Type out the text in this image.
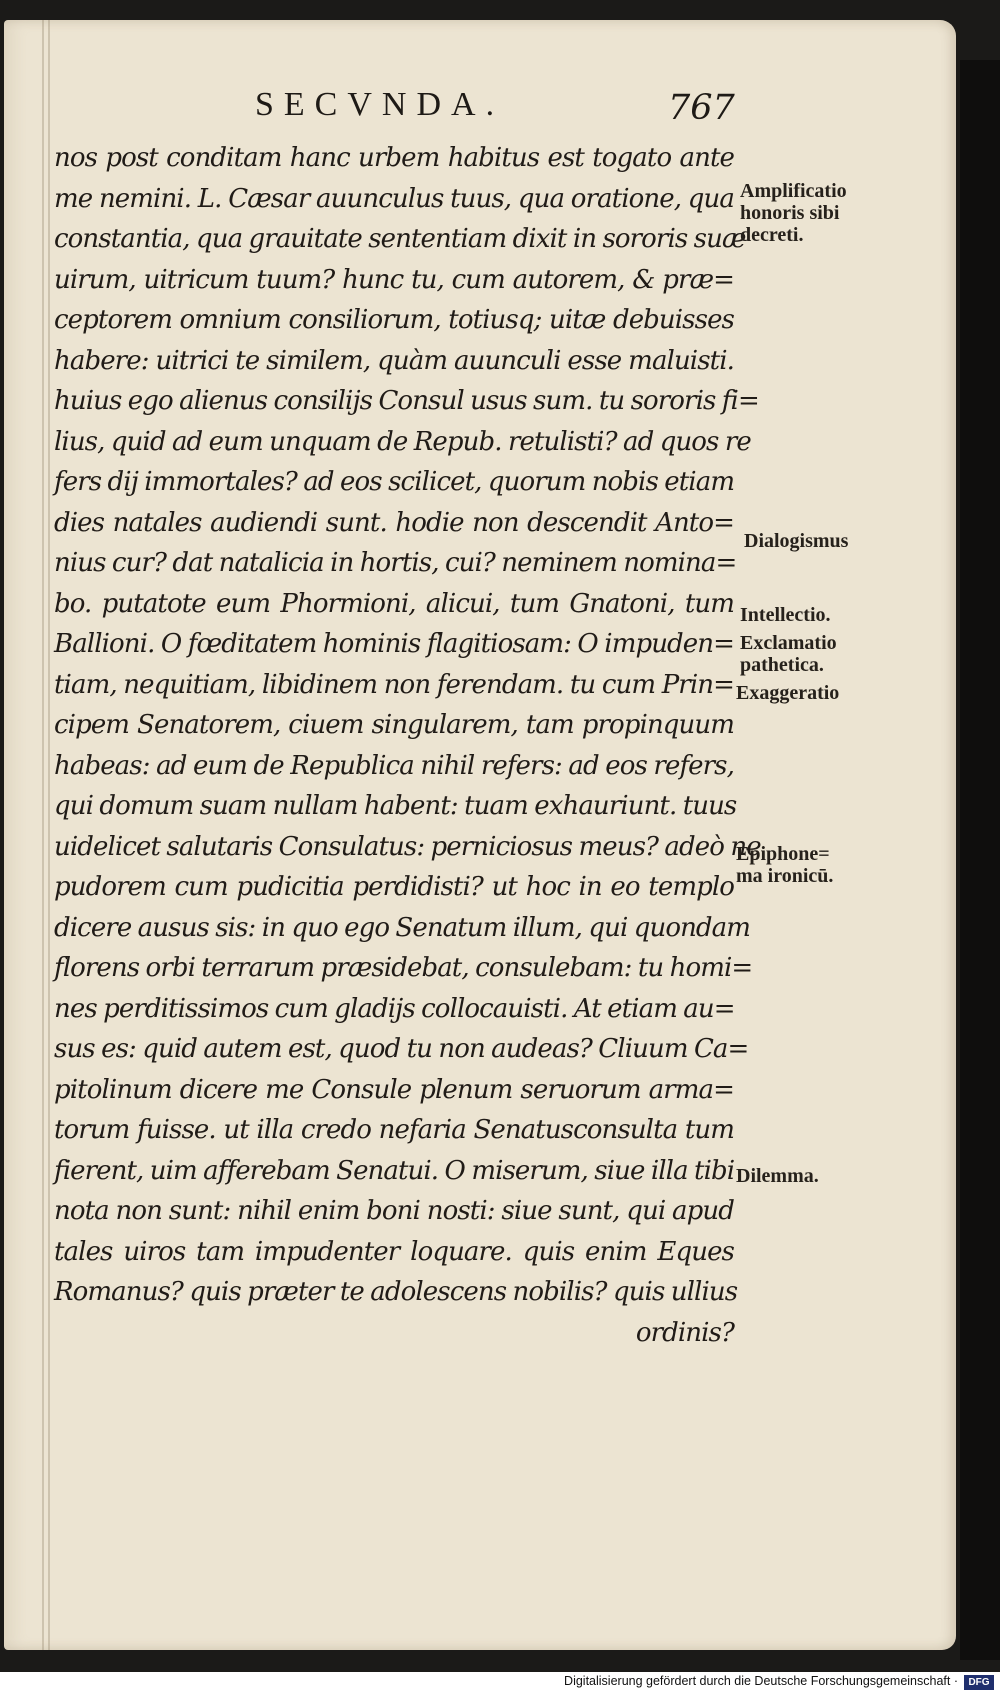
SECVNDA.	767
nos post conditam hanc urbem habitus est togato ante
me nemini. L. Cæsar auunculus tuus, qua oratione, qua
constantia, qua grauitate sententiam dixit in sororis suæ
uirum, uitricum tuum? hunc tu, cum autorem, & præ=
ceptorem omnium consiliorum, totiusq; uitæ debuisses
habere: uitrici te similem, quàm auunculi esse maluisti.
huius ego alienus consilijs Consul usus sum. tu sororis fi=
lius, quid ad eum unquam de Repub. retulisti? ad quos re
fers dij immortales? ad eos scilicet, quorum nobis etiam
dies natales audiendi sunt. hodie non descendit Anto=
nius cur? dat natalicia in hortis, cui? neminem nomina=
bo. putatote eum Phormioni, alicui, tum Gnatoni, tum
Ballioni. O fœditatem hominis flagitiosam: O impuden=
tiam, nequitiam, libidinem non ferendam. tu cum Prin=
cipem Senatorem, ciuem singularem, tam propinquum
habeas: ad eum de Republica nihil refers: ad eos refers,
qui domum suam nullam habent: tuam exhauriunt. tuus
uidelicet salutaris Consulatus: perniciosus meus? adeò ne
pudorem cum pudicitia perdidisti? ut hoc in eo templo
dicere ausus sis: in quo ego Senatum illum, qui quondam
florens orbi terrarum præsidebat, consulebam: tu homi=
nes perditissimos cum gladijs collocauisti. At etiam au=
sus es: quid autem est, quod tu non audeas? Cliuum Ca=
pitolinum dicere me Consule plenum seruorum arma=
torum fuisse. ut illa credo nefaria Senatusconsulta tum
fierent, uim afferebam Senatui. O miserum, siue illa tibi
nota non sunt: nihil enim boni nosti: siue sunt, qui apud
tales uiros tam impudenter loquare. quis enim Eques
Romanus? quis præter te adolescens nobilis? quis ullius
ordinis?
Amplificatio
honoris sibi
decreti.
Dialogismus
Intellectio.
Exclamatio
pathetica.
Exaggeratio
Epiphone=
ma ironicū.
Dilemma.
Digitalisierung gefördert durch die Deutsche Forschungsgemeinschaft ·	DFG
